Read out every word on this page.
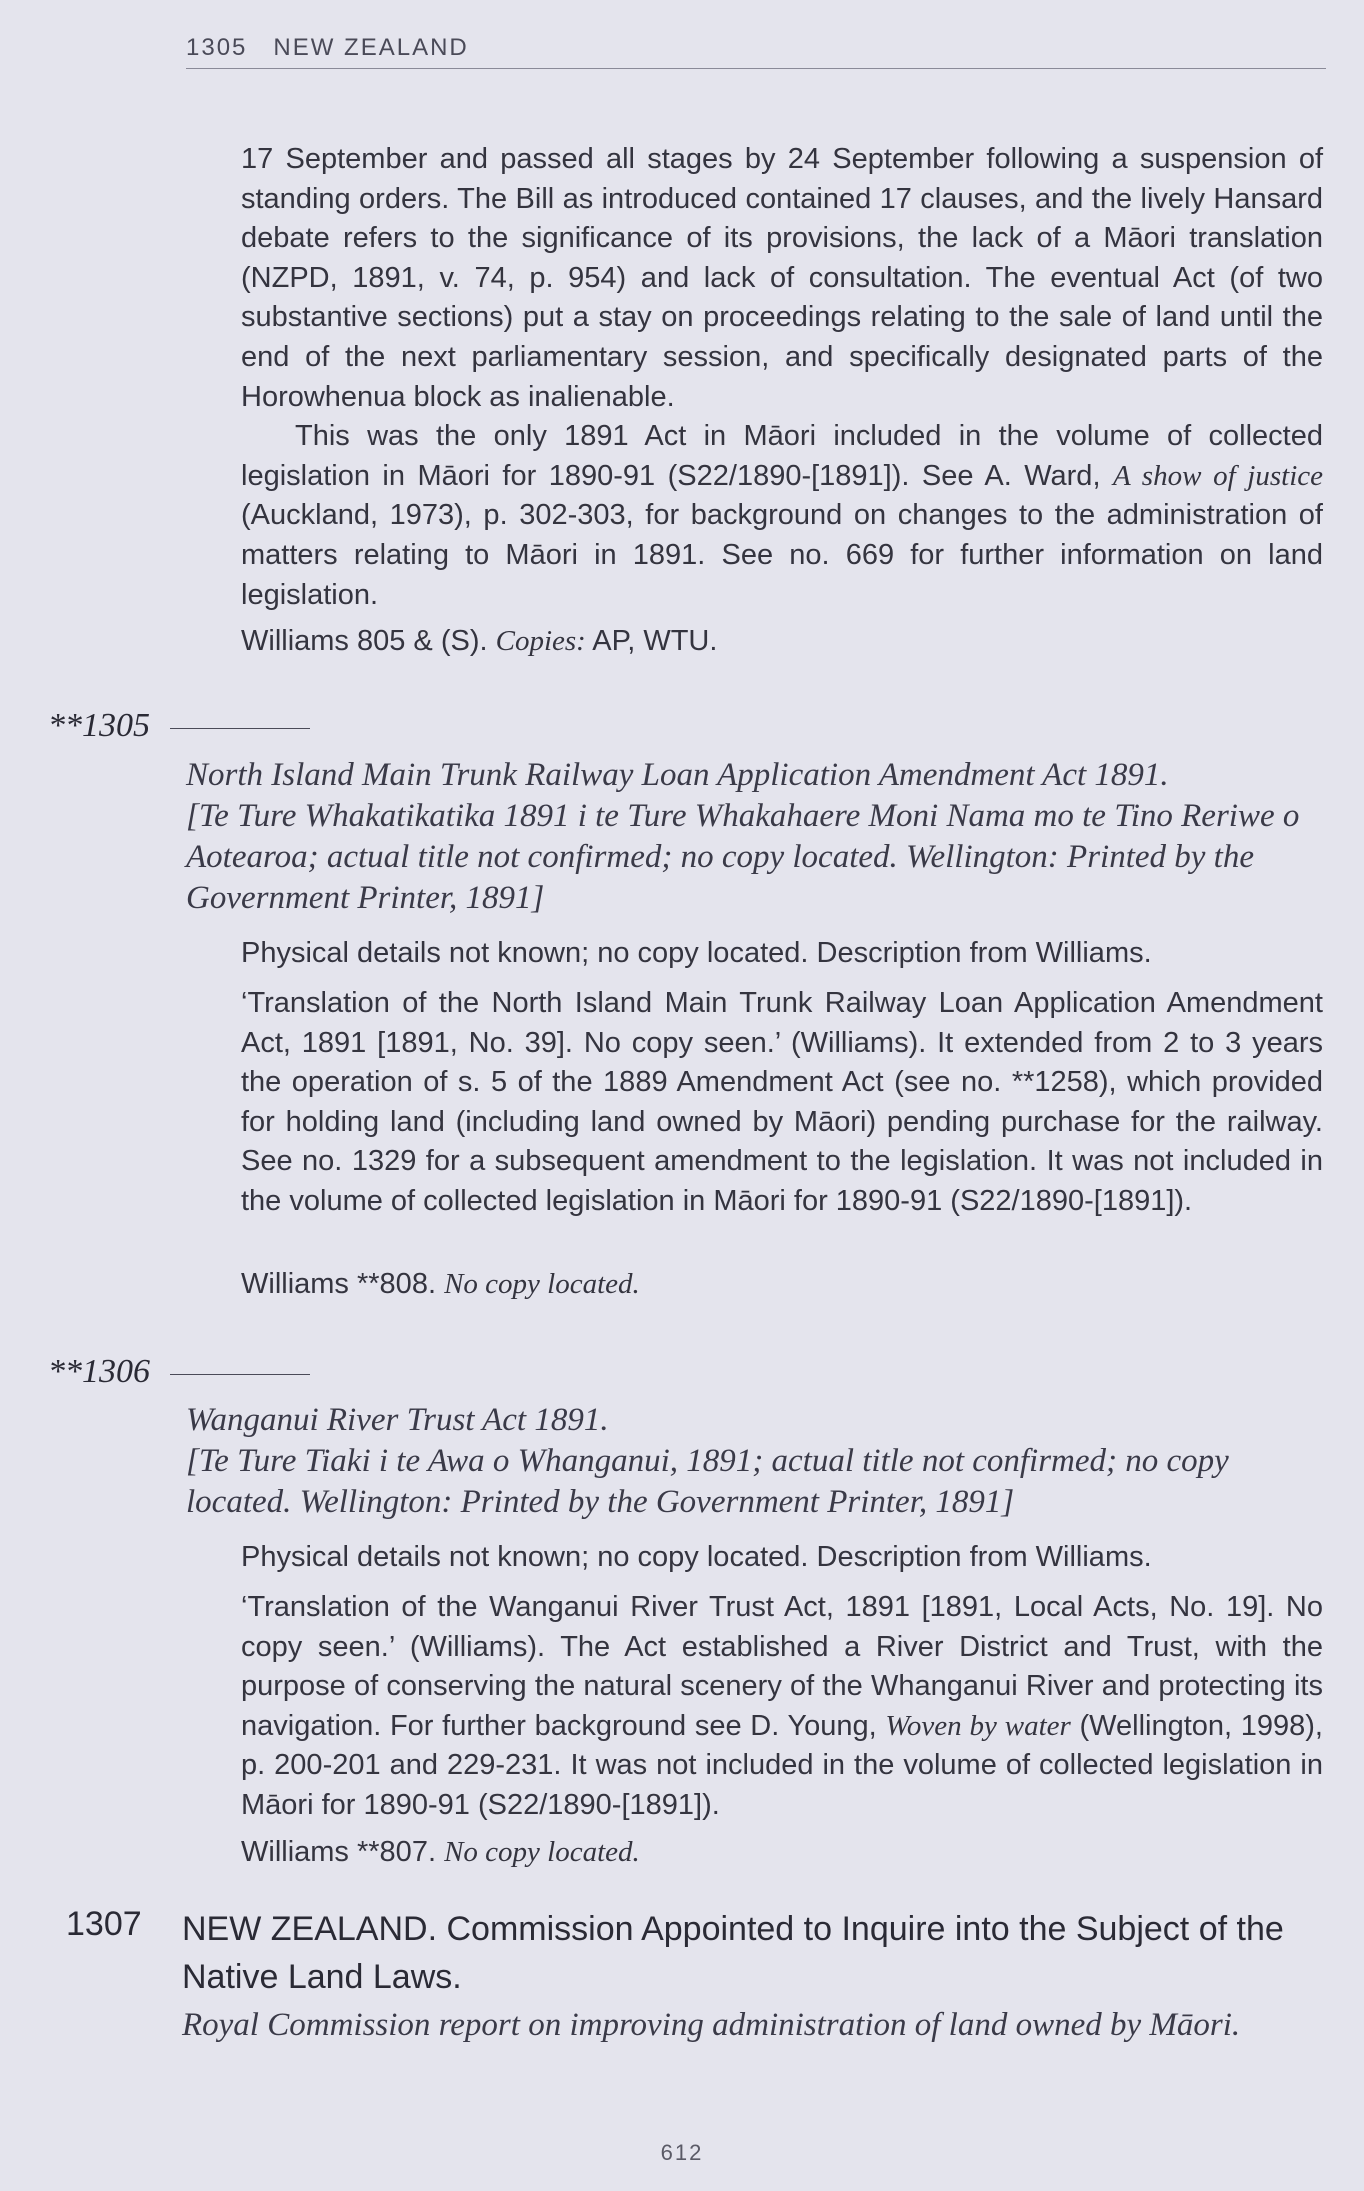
1305 NEW ZEALAND

17 September and passed all stages by 24 September following a suspension of standing orders. The Bill as introduced contained 17 clauses, and the lively Hansard debate refers to the significance of its provisions, the lack of a Māori translation (NZPD, 1891, v. 74, p. 954) and lack of consultation. The eventual Act (of two substantive sections) put a stay on proceedings relating to the sale of land until the end of the next parliamentary session, and specifically designated parts of the Horowhenua block as inalienable.

This was the only 1891 Act in Māori included in the volume of collected legislation in Māori for 1890-91 (S22/1890-[1891]). See A. Ward, A show of justice (Auckland, 1973), p. 302-303, for background on changes to the administration of matters relating to Māori in 1891. See no. 669 for further information on land legislation.

Williams 805 & (S). Copies: AP, WTU.
**1305
North Island Main Trunk Railway Loan Application Amendment Act 1891.
[Te Ture Whakatikatika 1891 i te Ture Whakahaere Moni Nama mo te Tino Reriwe o Aotearoa; actual title not confirmed; no copy located. Wellington: Printed by the Government Printer, 1891]
Physical details not known; no copy located. Description from Williams.
‘Translation of the North Island Main Trunk Railway Loan Application Amendment Act, 1891 [1891, No. 39]. No copy seen.’ (Williams). It extended from 2 to 3 years the operation of s. 5 of the 1889 Amendment Act (see no. **1258), which provided for holding land (including land owned by Māori) pending purchase for the railway. See no. 1329 for a subsequent amendment to the legislation. It was not included in the volume of collected legislation in Māori for 1890-91 (S22/1890-[1891]).
Williams **808. No copy located.
**1306
Wanganui River Trust Act 1891.
[Te Ture Tiaki i te Awa o Whanganui, 1891; actual title not confirmed; no copy located. Wellington: Printed by the Government Printer, 1891]
Physical details not known; no copy located. Description from Williams.
‘Translation of the Wanganui River Trust Act, 1891 [1891, Local Acts, No. 19]. No copy seen.’ (Williams). The Act established a River District and Trust, with the purpose of conserving the natural scenery of the Whanganui River and protecting its navigation. For further background see D. Young, Woven by water (Wellington, 1998), p. 200-201 and 229-231. It was not included in the volume of collected legislation in Māori for 1890-91 (S22/1890-[1891]).
Williams **807. No copy located.
1307 NEW ZEALAND. Commission Appointed to Inquire into the Subject of the Native Land Laws.
Royal Commission report on improving administration of land owned by Māori.
612
